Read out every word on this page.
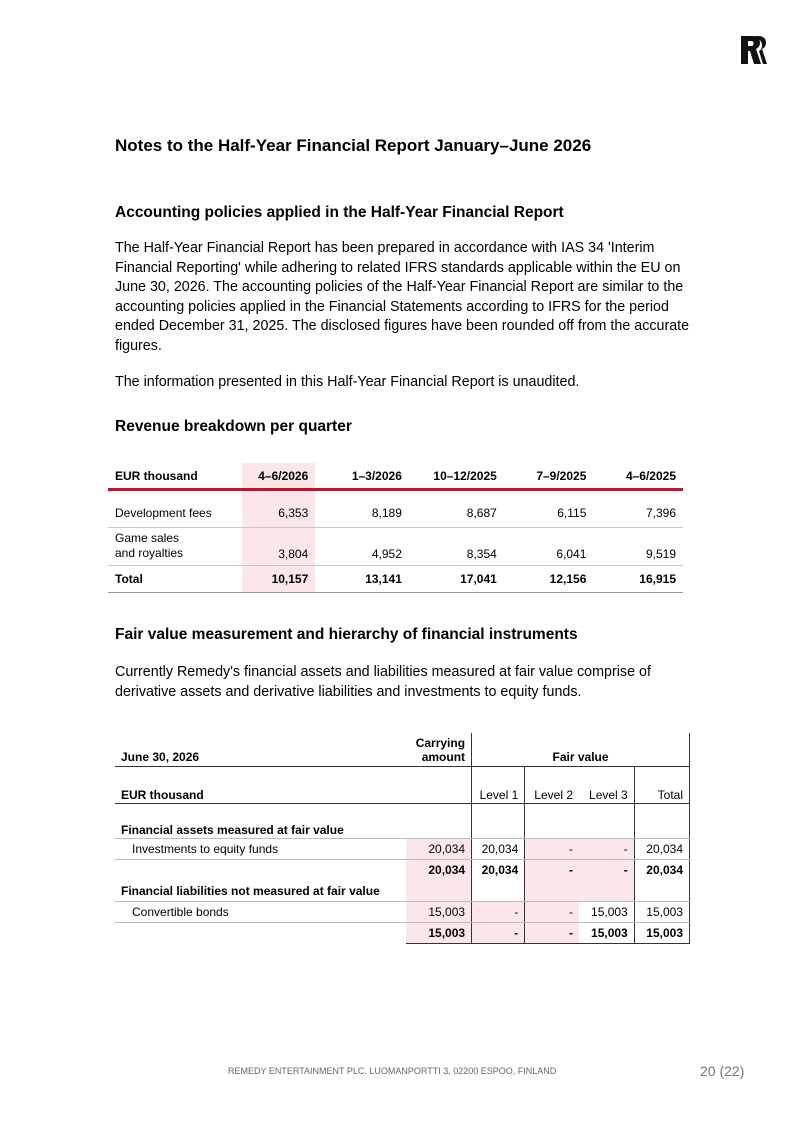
Notes to the Half-Year Financial Report January–June 2026
Accounting policies applied in the Half-Year Financial Report

The Half-Year Financial Report has been prepared in accordance with IAS 34 'Interim Financial Reporting' while adhering to related IFRS standards applicable within the EU on June 30, 2026. The accounting policies of the Half-Year Financial Report are similar to the accounting policies applied in the Financial Statements according to IFRS for the period ended December 31, 2025. The disclosed figures have been rounded off from the accurate figures.

The information presented in this Half-Year Financial Report is unaudited.

Revenue breakdown per quarter
EUR thousand	4–6/2026	1–3/2026	10–12/2025	7–9/2025	4–6/2025

Development fees	6,353	8,189	8,687	6,115	7,396
Game sales and royalties	3,804	4,952	8,354	6,041	9,519
Total	10,157	13,141	17,041	12,156	16,915
Fair value measurement and hierarchy of financial instruments

Currently Remedy's financial assets and liabilities measured at fair value comprise of derivative assets and derivative liabilities and investments to equity funds.

June 30, 2026	Carrying amount	Fair value			
EUR thousand		Level 1	Level 2	Level 3	Total
Financial assets measured at fair value					
Investments to equity funds	20,034	20,034	-	-	20,034
	20,034	20,034	-	-	20,034
Financial liabilities not measured at fair value					
Convertible bonds	15,003	-	-	15,003	15,003
	15,003	-	-	15,003	15,003
REMEDY ENTERTAINMENT PLC. LUOMANPORTTI 3, 02200 ESPOO, FINLAND	20 (22)
